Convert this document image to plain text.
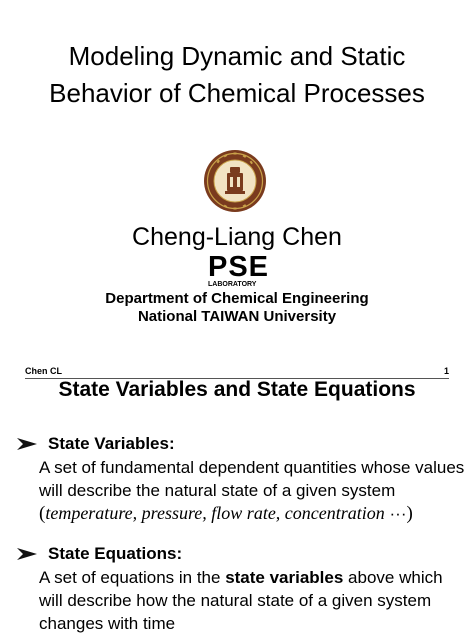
Modeling Dynamic and Static
Behavior of Chemical Processes
Cheng-Liang Chen
PSE
LABORATORY
Department of Chemical Engineering
National TAIWAN University
Chen CL	1
State Variables and State Equations
State Variables:
A set of fundamental dependent quantities whose values
will describe the natural state of a given system
(temperature, pressure, flow rate, concentration ···)
State Equations:
A set of equations in the state variables above which
will describe how the natural state of a given system
changes with time
